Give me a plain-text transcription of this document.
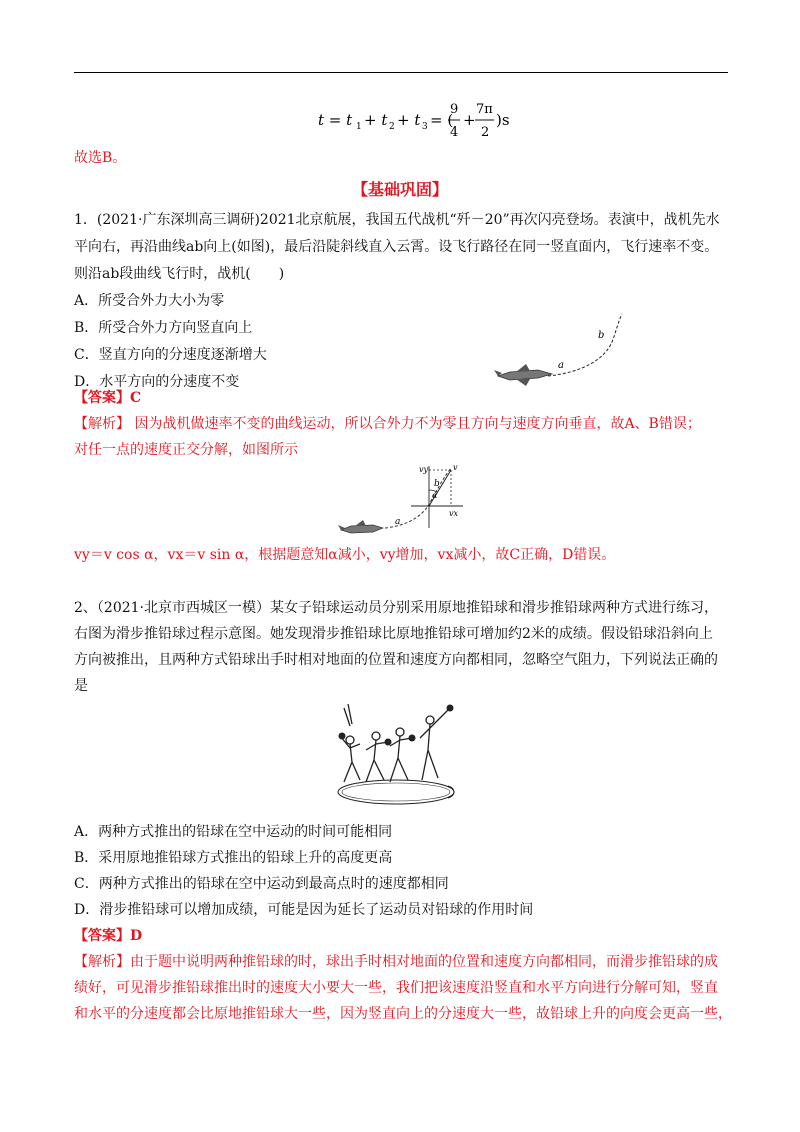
t = t 1 + t 2 + t 3 = (
9
4
+
7π
2
)s
故选B。
【基础巩固】
1．(2021·广东深圳高三调研)2021北京航展，我国五代战机“歼－20”再次闪亮登场。表演中，战机先水
平向右，再沿曲线ab向上(如图)，最后沿陡斜线直入云霄。设飞行路径在同一竖直面内，飞行速率不变。
则沿ab段曲线飞行时，战机(　　)
A．所受合外力大小为零
B．所受合外力方向竖直向上
C．竖直方向的分速度逐渐增大
D．水平方向的分速度不变
a
b
【答案】C
【解析】 因为战机做速率不变的曲线运动，所以合外力不为零且方向与速度方向垂直，故A、B错误；
对任一点的速度正交分解，如图所示
a
b
vy	v
vx
α
vy＝v cos α，vx＝v sin α，根据题意知α减小，vy增加，vx减小，故C正确，D错误。
2、（2021·北京市西城区一模）某女子铅球运动员分别采用原地推铅球和滑步推铅球两种方式进行练习，
右图为滑步推铅球过程示意图。她发现滑步推铅球比原地推铅球可增加约2米的成绩。假设铅球沿斜向上
方向被推出，且两种方式铅球出手时相对地面的位置和速度方向都相同，忽略空气阻力，下列说法正确的
是
A．两种方式推出的铅球在空中运动的时间可能相同
B．采用原地推铅球方式推出的铅球上升的高度更高
C．两种方式推出的铅球在空中运动到最高点时的速度都相同
D．滑步推铅球可以增加成绩，可能是因为延长了运动员对铅球的作用时间
【答案】D
【解析】由于题中说明两种推铅球的时，球出手时相对地面的位置和速度方向都相同，而滑步推铅球的成
绩好，可见滑步推铅球推出时的速度大小要大一些，我们把该速度沿竖直和水平方向进行分解可知，竖直
和水平的分速度都会比原地推铅球大一些，因为竖直向上的分速度大一些，故铅球上升的向度会更高一些，
